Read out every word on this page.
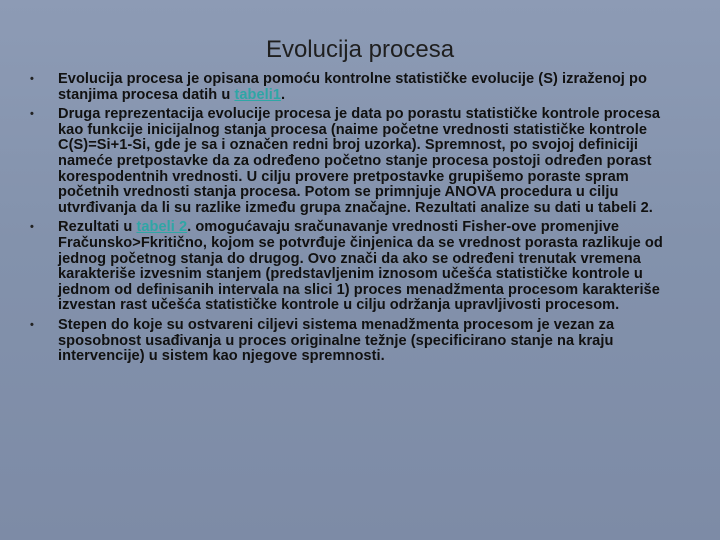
Evolucija procesa
• Evolucija procesa je opisana pomoću kontrolne statističke evolucije (S) izraženoj po stanjima procesa datih u tabeli1.
• Druga reprezentacija evolucije procesa je data po porastu statističke kontrole procesa kao funkcije inicijalnog stanja procesa (naime početne vrednosti statističke kontrole C(S)=Si+1-Si, gde je sa i označen redni broj uzorka). Spremnost, po svojoj definiciji nameće pretpostavke da za određeno početno stanje procesa postoji određen porast korespodentnih vrednosti. U cilju provere pretpostavke grupišemo poraste spram početnih vrednosti stanja procesa. Potom se primnjuje ANOVA procedura u cilju utvrđivanja da li su razlike između grupa značajne. Rezultati analize su dati u tabeli 2.
• Rezultati u tabeli 2. omogućavaju sračunavanje vrednosti Fisher-ove promenjive Fračunsko>Fkritično, kojom se potvrđuje činjenica da se vrednost porasta razlikuje od jednog početnog stanja do drugog. Ovo znači da ako se određeni trenutak vremena karakteriše izvesnim stanjem (predstavljenim iznosom učešća statističke kontrole u jednom od definisanih intervala na slici 1) proces menadžmenta procesom karakteriše izvestan rast učešća statističke kontrole u cilju održanja upravljivosti procesom.
• Stepen do koje su ostvareni ciljevi sistema menadžmenta procesom je vezan za sposobnost usađivanja u proces originalne težnje (specificirano stanje na kraju intervencije) u sistem kao njegove spremnosti.
